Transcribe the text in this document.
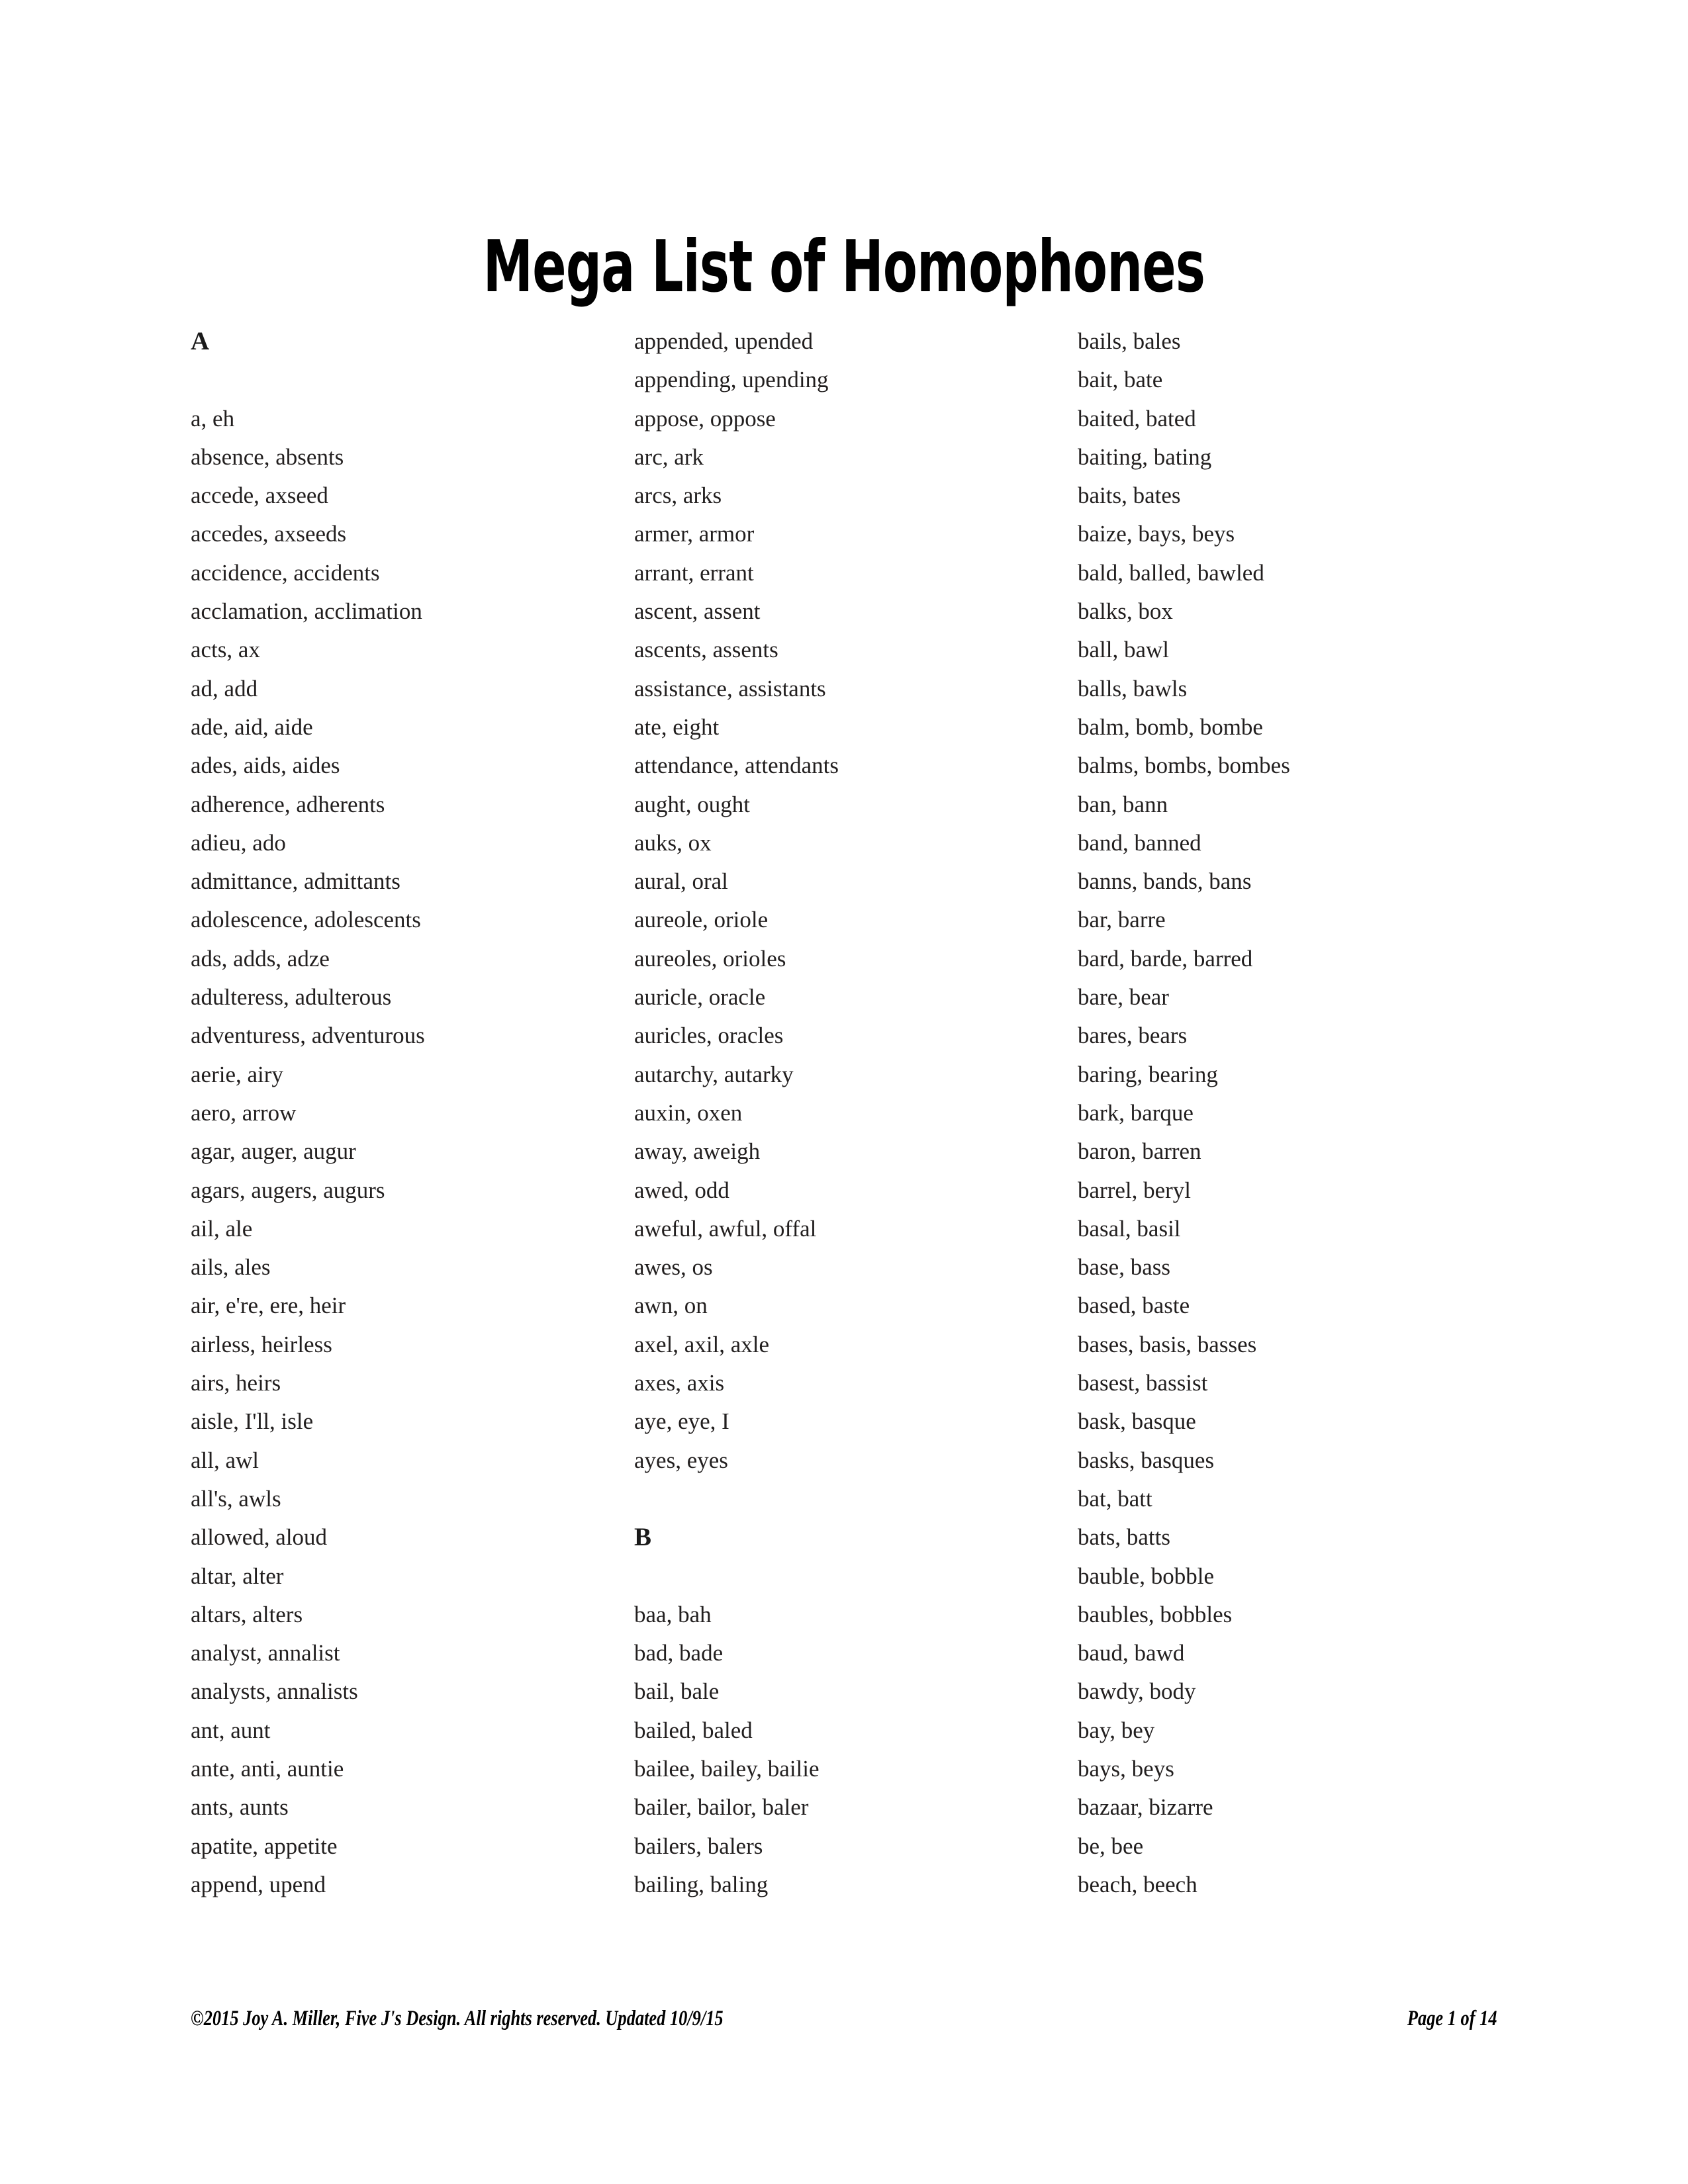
Mega List of Homophones
A
a, eh
absence, absents
accede, axseed
accedes, axseeds
accidence, accidents
acclamation, acclimation
acts, ax
ad, add
ade, aid, aide
ades, aids, aides
adherence, adherents
adieu, ado
admittance, admittants
adolescence, adolescents
ads, adds, adze
adulteress, adulterous
adventuress, adventurous
aerie, airy
aero, arrow
agar, auger, augur
agars, augers, augurs
ail, ale
ails, ales
air, e're, ere, heir
airless, heirless
airs, heirs
aisle, I'll, isle
all, awl
all's, awls
allowed, aloud
altar, alter
altars, alters
analyst, annalist
analysts, annalists
ant, aunt
ante, anti, auntie
ants, aunts
apatite, appetite
append, upend
appended, upended
appending, upending
appose, oppose
arc, ark
arcs, arks
armer, armor
arrant, errant
ascent, assent
ascents, assents
assistance, assistants
ate, eight
attendance, attendants
aught, ought
auks, ox
aural, oral
aureole, oriole
aureoles, orioles
auricle, oracle
auricles, oracles
autarchy, autarky
auxin, oxen
away, aweigh
awed, odd
aweful, awful, offal
awes, os
awn, on
axel, axil, axle
axes, axis
aye, eye, I
ayes, eyes
B
baa, bah
bad, bade
bail, bale
bailed, baled
bailee, bailey, bailie
bailer, bailor, baler
bailers, balers
bailing, baling
bails, bales
bait, bate
baited, bated
baiting, bating
baits, bates
baize, bays, beys
bald, balled, bawled
balks, box
ball, bawl
balls, bawls
balm, bomb, bombe
balms, bombs, bombes
ban, bann
band, banned
banns, bands, bans
bar, barre
bard, barde, barred
bare, bear
bares, bears
baring, bearing
bark, barque
baron, barren
barrel, beryl
basal, basil
base, bass
based, baste
bases, basis, basses
basest, bassist
bask, basque
basks, basques
bat, batt
bats, batts
bauble, bobble
baubles, bobbles
baud, bawd
bawdy, body
bay, bey
bays, beys
bazaar, bizarre
be, bee
beach, beech
©2015 Joy A. Miller, Five J's Design. All rights reserved. Updated 10/9/15	Page 1 of 14
